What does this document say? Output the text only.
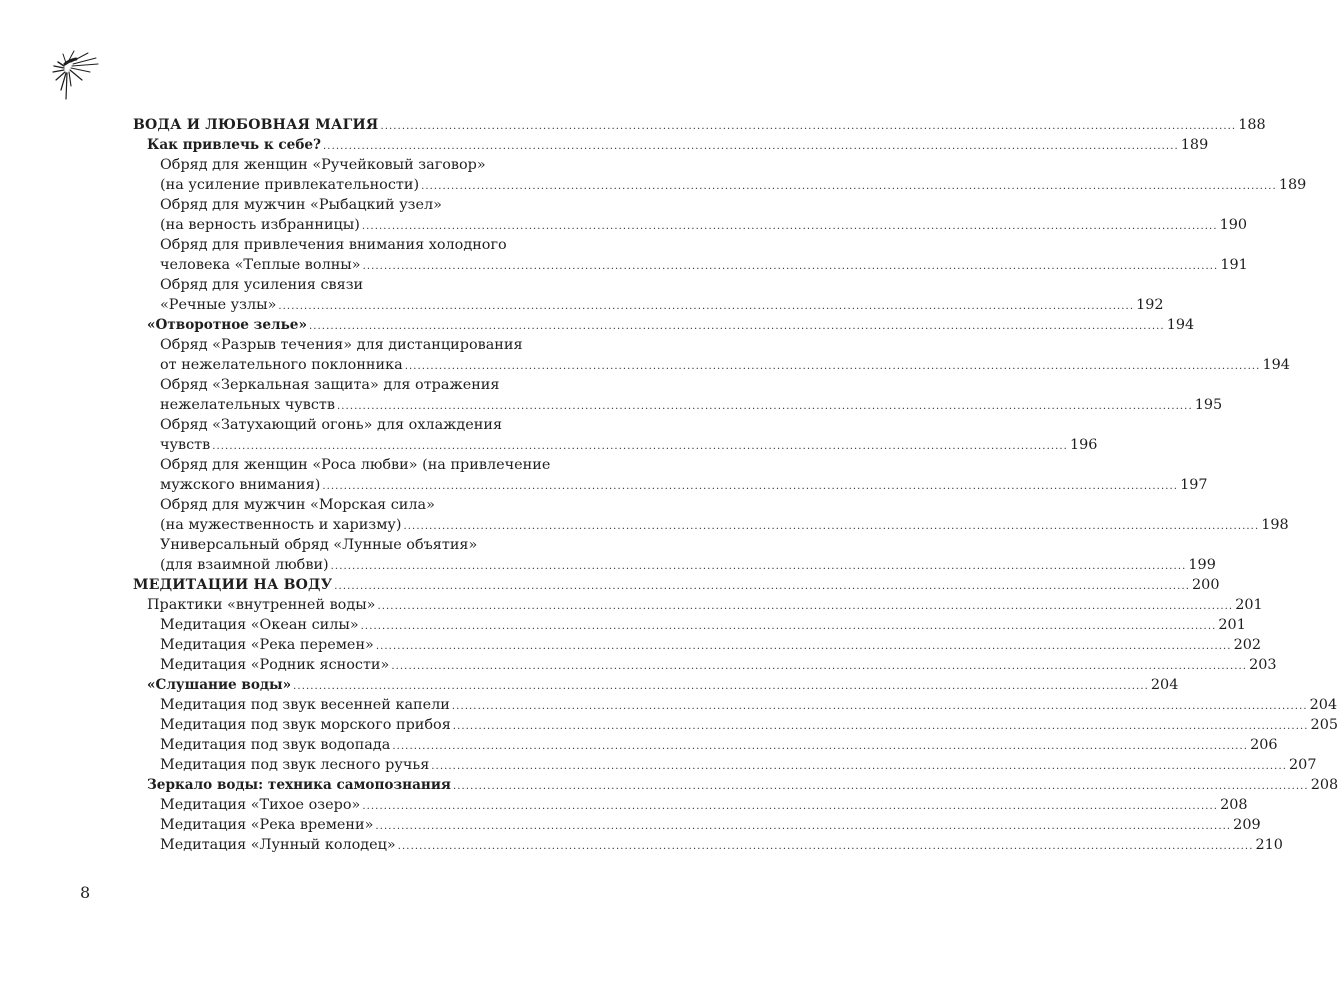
ВОДА И ЛЮБОВНАЯ МАГИЯ ........................................................................................................................................................................................................ 188
Как привлечь к себе? ........................................................................................................................................................................................................ 189
Обряд для женщин «Ручейковый заговор»
(на усиление привлекательности) ........................................................................................................................................................................................................ 189
Обряд для мужчин «Рыбацкий узел»
(на верность избранницы) ........................................................................................................................................................................................................ 190
Обряд для привлечения внимания холодного
человека «Теплые волны» ........................................................................................................................................................................................................ 191
Обряд для усиления связи
«Речные узлы» ........................................................................................................................................................................................................ 192
«Отворотное зелье» ........................................................................................................................................................................................................ 194
Обряд «Разрыв течения» для дистанцирования
от нежелательного поклонника ........................................................................................................................................................................................................ 194
Обряд «Зеркальная защита» для отражения
нежелательных чувств ........................................................................................................................................................................................................ 195
Обряд «Затухающий огонь» для охлаждения
чувств ........................................................................................................................................................................................................ 196
Обряд для женщин «Роса любви» (на привлечение
мужского внимания) ........................................................................................................................................................................................................ 197
Обряд для мужчин «Морская сила»
(на мужественность и харизму) ........................................................................................................................................................................................................ 198
Универсальный обряд «Лунные объятия»
(для взаимной любви) ........................................................................................................................................................................................................ 199
МЕДИТАЦИИ НА ВОДУ ........................................................................................................................................................................................................ 200
Практики «внутренней воды» ........................................................................................................................................................................................................ 201
Медитация «Океан силы» ........................................................................................................................................................................................................ 201
Медитация «Река перемен» ........................................................................................................................................................................................................ 202
Медитация «Родник ясности» ........................................................................................................................................................................................................ 203
«Слушание воды» ........................................................................................................................................................................................................ 204
Медитация под звук весенней капели ........................................................................................................................................................................................................ 204
Медитация под звук морского прибоя ........................................................................................................................................................................................................ 205
Медитация под звук водопада ........................................................................................................................................................................................................ 206
Медитация под звук лесного ручья ........................................................................................................................................................................................................ 207
Зеркало воды: техника самопознания ........................................................................................................................................................................................................ 208
Медитация «Тихое озеро» ........................................................................................................................................................................................................ 208
Медитация «Река времени» ........................................................................................................................................................................................................ 209
Медитация «Лунный колодец» ........................................................................................................................................................................................................ 210
8
